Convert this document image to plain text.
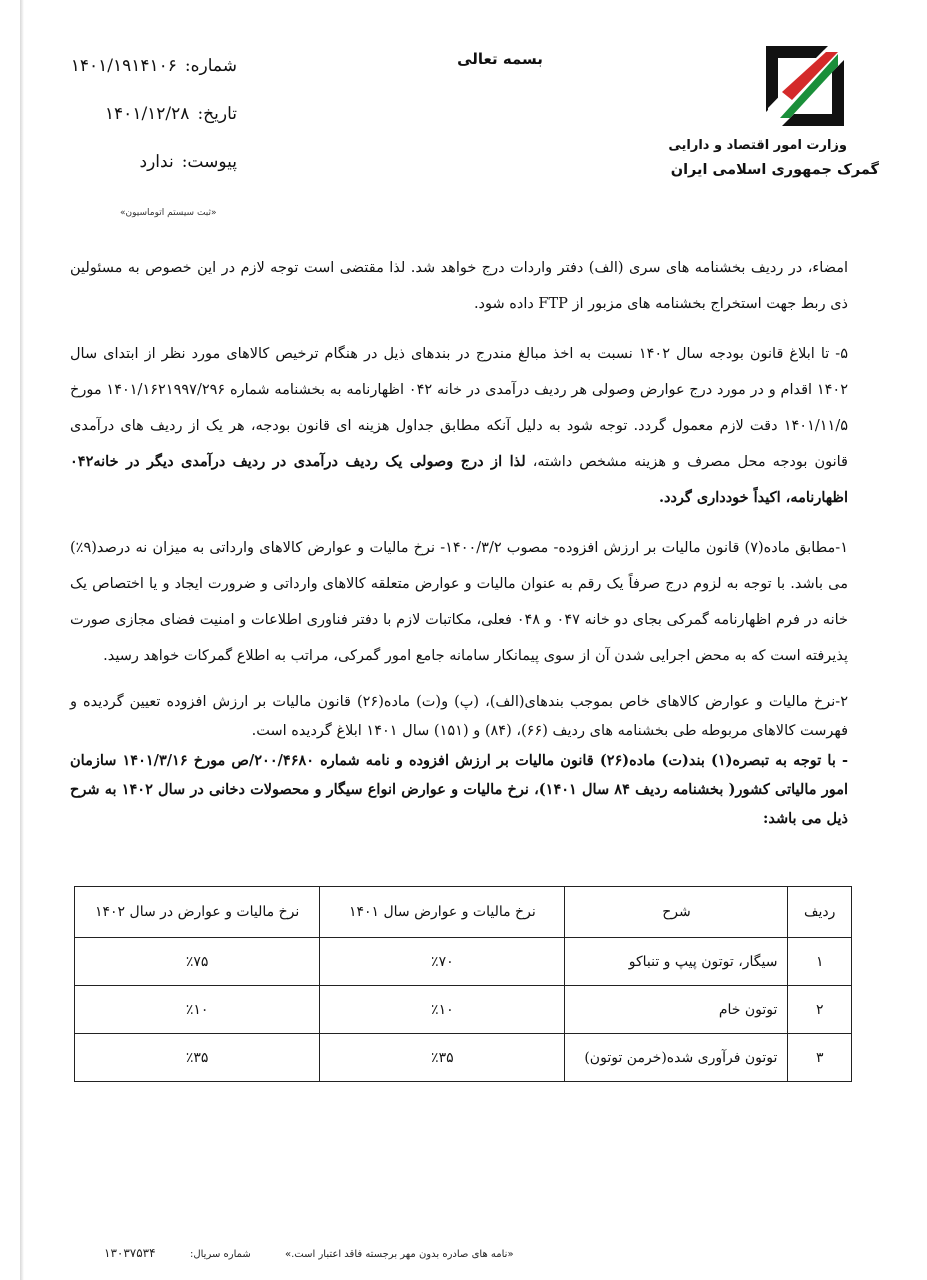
بسمه تعالی
وزارت امور اقتصاد و دارایی
گمرک جمهوری اسلامی ایران
شماره:۱۴۰۱/۱۹۱۴۱۰۶
تاریخ:۱۴۰۱/۱۲/۲۸
پیوست:ندارد
«ثبت سیستم اتوماسیون»

امضاء، در ردیف بخشنامه های سری (الف) دفتر واردات درج خواهد شد. لذا مقتضی است توجه لازم در این خصوص به مسئولین ذی ربط جهت استخراج بخشنامه های مزبور از FTP داده شود.

۵- تا ابلاغ قانون بودجه سال ۱۴۰۲ نسبت به اخذ مبالغ مندرج در بندهای ذیل در هنگام ترخیص کالاهای مورد نظر از ابتدای سال ۱۴۰۲ اقدام و در مورد درج عوارض وصولی هر ردیف درآمدی در خانه ۰۴۲ اظهارنامه به بخشنامه شماره ۱۴۰۱/۱۶۲۱۹۹۷/۲۹۶ مورخ ۱۴۰۱/۱۱/۵ دقت لازم معمول گردد. توجه شود به دلیل آنکه مطابق جداول هزینه ای قانون بودجه، هر یک از ردیف های درآمدی قانون بودجه محل مصرف و هزینه مشخص داشته، لذا از درج وصولی یک ردیف درآمدی در ردیف درآمدی دیگر در خانه۰۴۲ اظهارنامه، اکیداً خودداری گردد.

۱-مطابق ماده(۷) قانون مالیات بر ارزش افزوده- مصوب ۱۴۰۰/۳/۲- نرخ مالیات و عوارض کالاهای وارداتی به میزان نه درصد(۹٪) می باشد. با توجه به لزوم درج صرفاً یک رقم به عنوان مالیات و عوارض متعلقه کالاهای وارداتی و ضرورت ایجاد و یا اختصاص یک خانه در فرم اظهارنامه گمرکی بجای دو خانه ۰۴۷ و ۰۴۸ فعلی، مکاتبات لازم با دفتر فناوری اطلاعات و امنیت فضای مجازی صورت پذیرفته است که به محض اجرایی شدن آن از سوی پیمانکار سامانه جامع امور گمرکی، مراتب به اطلاع گمرکات خواهد رسید.

۲-نرخ مالیات و عوارض کالاهای خاص بموجب بندهای(الف)، (پ) و(ت) ماده(۲۶) قانون مالیات بر ارزش افزوده تعیین گردیده و فهرست کالاهای مربوطه طی بخشنامه های ردیف (۶۶)، (۸۴) و (۱۵۱) سال ۱۴۰۱ ابلاغ گردیده است.

- با توجه به تبصره(۱) بند(ت) ماده(۲۶) قانون مالیات بر ارزش افزوده و نامه شماره ۲۰۰/۴۶۸۰/ص مورخ ۱۴۰۱/۳/۱۶ سازمان امور مالیاتی کشور( بخشنامه ردیف ۸۴ سال ۱۴۰۱)، نرخ مالیات و عوارض انواع سیگار و محصولات دخانی در سال ۱۴۰۲ به شرح ذیل می باشد:

ردیف	شرح	نرخ مالیات و عوارض سال ۱۴۰۱	نرخ مالیات و عوارض در سال ۱۴۰۲
۱	سیگار، توتون پیپ و تنباکو	٪۷۰	٪۷۵
۲	توتون خام	٪۱۰	٪۱۰
۳	توتون فرآوری شده(خرمن توتون)	٪۳۵	٪۳۵
«نامه های صادره بدون مهر برجسته فاقد اعتبار است.»
شماره سریال:
۱۳۰۳۷۵۳۴
